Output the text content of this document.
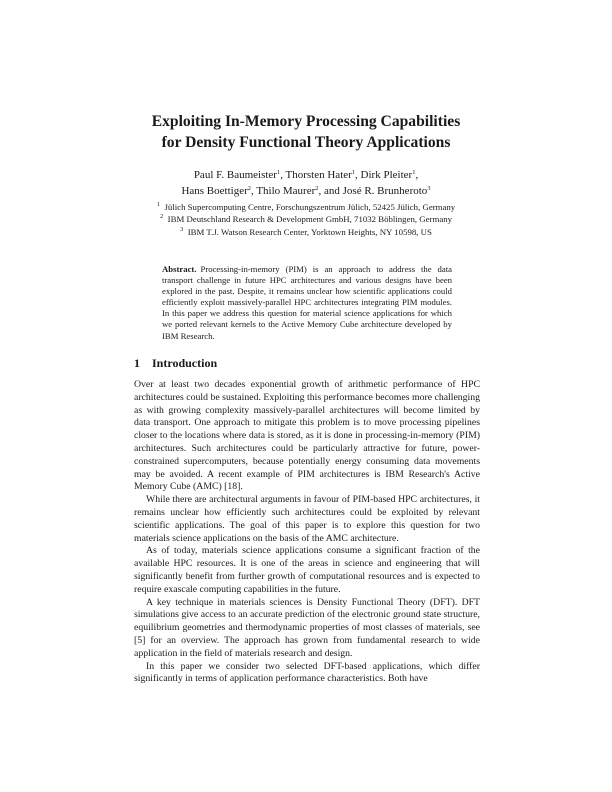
Exploiting In-Memory Processing Capabilities
for Density Functional Theory Applications
Paul F. Baumeister$^1$, Thorsten Hater$^1$, Dirk Pleiter$^1$,
Hans Boettiger$^2$, Thilo Maurer$^2$, and José R. Brunheroto$^3$
$^1$ Jülich Supercomputing Centre, Forschungszentrum Jülich, 52425 Jülich, Germany
$^2$ IBM Deutschland Research & Development GmbH, 71032 Böblingen, Germany
$^3$ IBM T.J. Watson Research Center, Yorktown Heights, NY 10598, US

Abstract. Processing-in-memory (PIM) is an approach to address the data transport challenge in future HPC architectures and various designs have been explored in the past. Despite, it remains unclear how scientific applications could efficiently exploit massively-parallel HPC architectures integrating PIM modules. In this paper we address this question for material science applications for which we ported relevant kernels to the Active Memory Cube architecture developed by IBM Research.

1 Introduction

Over at least two decades exponential growth of arithmetic performance of HPC architectures could be sustained. Exploiting this performance becomes more challenging as with growing complexity massively-parallel architectures will become limited by data transport. One approach to mitigate this problem is to move processing pipelines closer to the locations where data is stored, as it is done in processing-in-memory (PIM) architectures. Such architectures could be particularly attractive for future, power-constrained supercomputers, because potentially energy consuming data movements may be avoided. A recent example of PIM architectures is IBM Research's Active Memory Cube (AMC) [18].

While there are architectural arguments in favour of PIM-based HPC architectures, it remains unclear how efficiently such architectures could be exploited by relevant scientific applications. The goal of this paper is to explore this question for two materials science applications on the basis of the AMC architecture.

As of today, materials science applications consume a significant fraction of the available HPC resources. It is one of the areas in science and engineering that will significantly benefit from further growth of computational resources and is expected to require exascale computing capabilities in the future.

A key technique in materials sciences is Density Functional Theory (DFT). DFT simulations give access to an accurate prediction of the electronic ground state structure, equilibrium geometries and thermodynamic properties of most classes of materials, see [5] for an overview. The approach has grown from fundamental research to wide application in the field of materials research and design.

In this paper we consider two selected DFT-based applications, which differ significantly in terms of application performance characteristics. Both have
